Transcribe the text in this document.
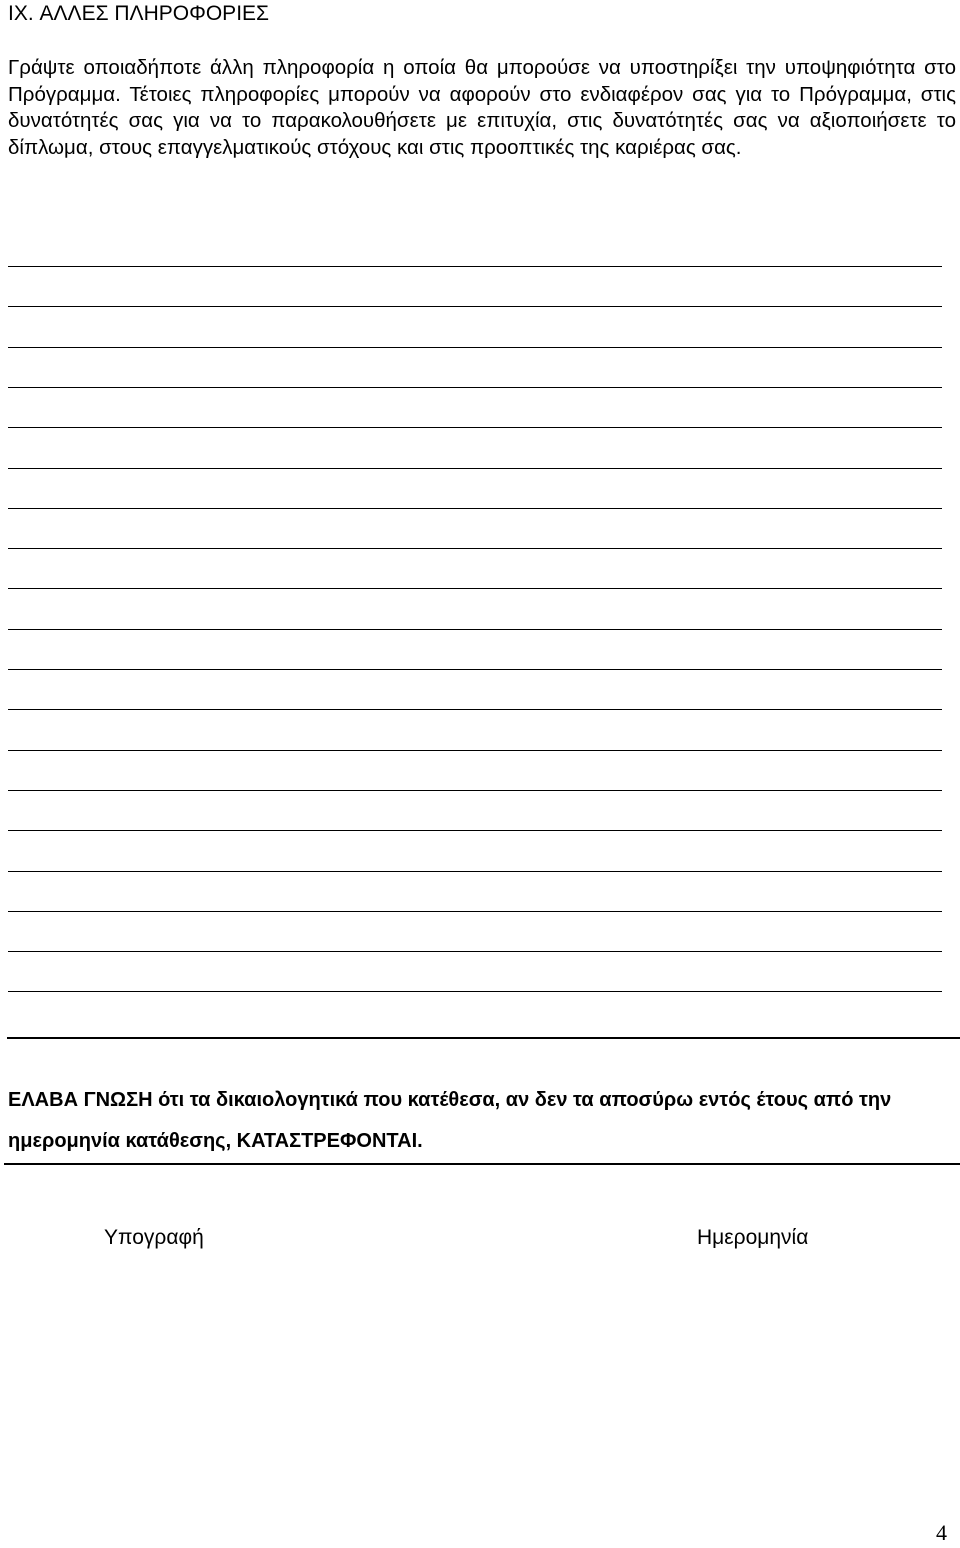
IX. ΑΛΛΕΣ ΠΛΗΡΟΦΟΡΙΕΣ

Γράψτε οποιαδήποτε άλλη πληροφορία η οποία θα μπορούσε να υποστηρίξει την υποψηφιότητα στο Πρόγραμμα. Τέτοιες πληροφορίες μπορούν να αφορούν στο ενδιαφέρον σας για το Πρόγραμμα, στις δυνατότητές σας για να το παρακολουθήσετε με επιτυχία, στις δυνατότητές σας να αξιοποιήσετε το δίπλωμα, στους επαγγελματικούς στόχους και στις προοπτικές της καριέρας σας.

ΕΛΑΒΑ ΓΝΩΣΗ ότι τα δικαιολογητικά που κατέθεσα, αν δεν τα αποσύρω εντός έτους από την ημερομηνία κατάθεσης, ΚΑΤΑΣΤΡΕΦΟΝΤΑΙ.

Υπογραφή	Ημερομηνία
4
